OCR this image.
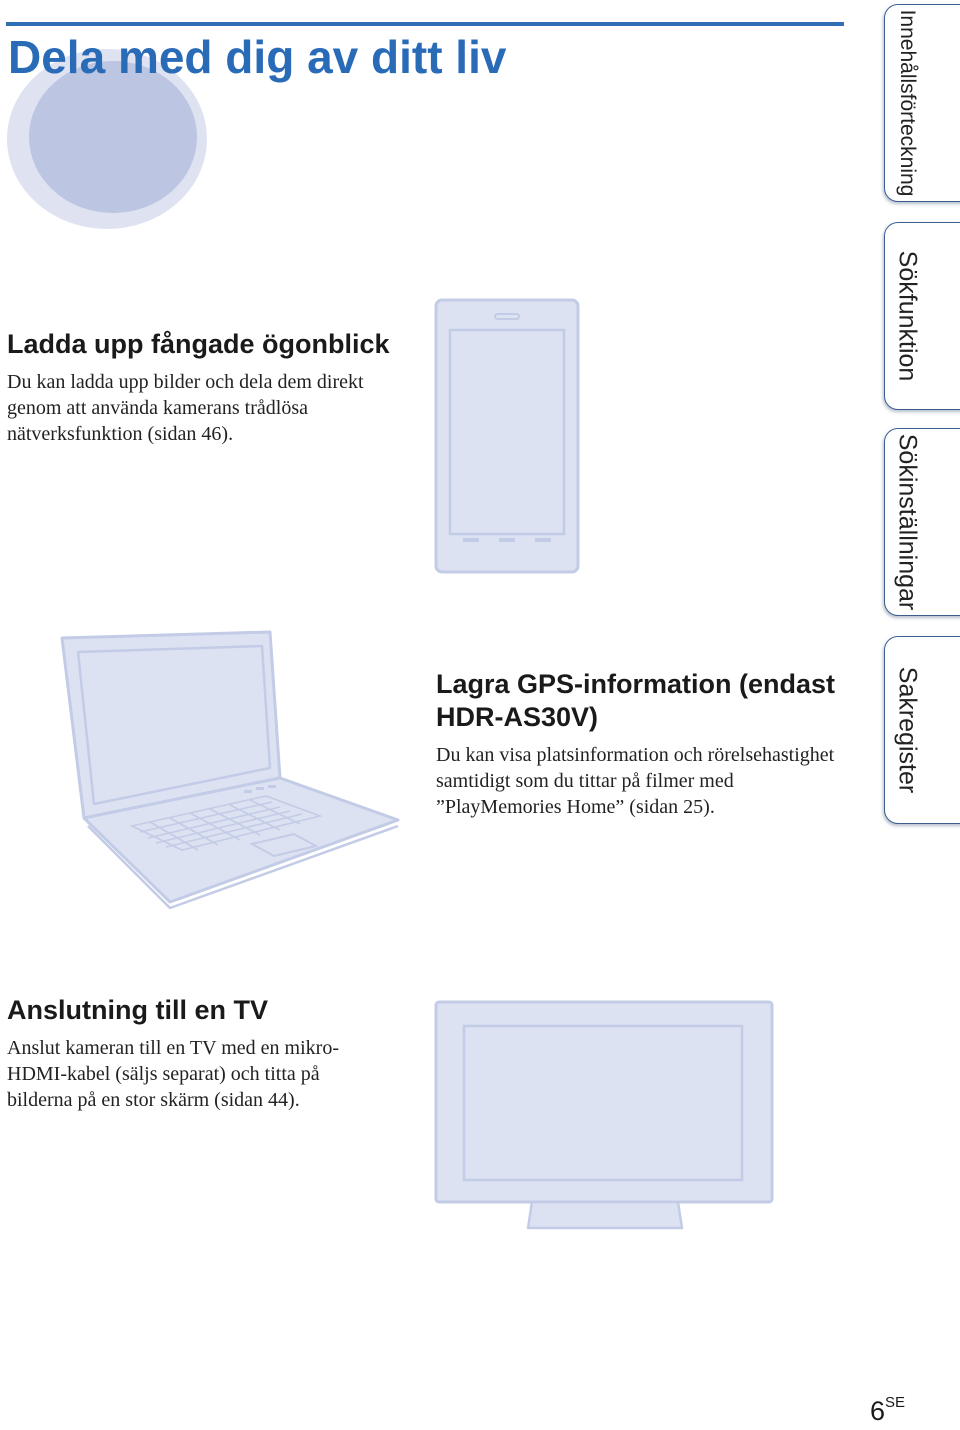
Dela med dig av ditt liv
Ladda upp fångade ögonblick

Du kan ladda upp bilder och dela dem direkt genom att använda kamerans trådlösa nätverksfunktion (sidan 46).

Lagra GPS-information (endast HDR-AS30V)

Du kan visa platsinformation och rörelsehastighet samtidigt som du tittar på filmer med ”PlayMemories Home” (sidan 25).

Anslutning till en TV

Anslut kameran till en TV med en mikro-HDMI-kabel (säljs separat) och titta på bilderna på en stor skärm (sidan 44).

Innehållsförteckning
Sökfunktion
Sökinställningar
Sakregister
$6^{SE}$
